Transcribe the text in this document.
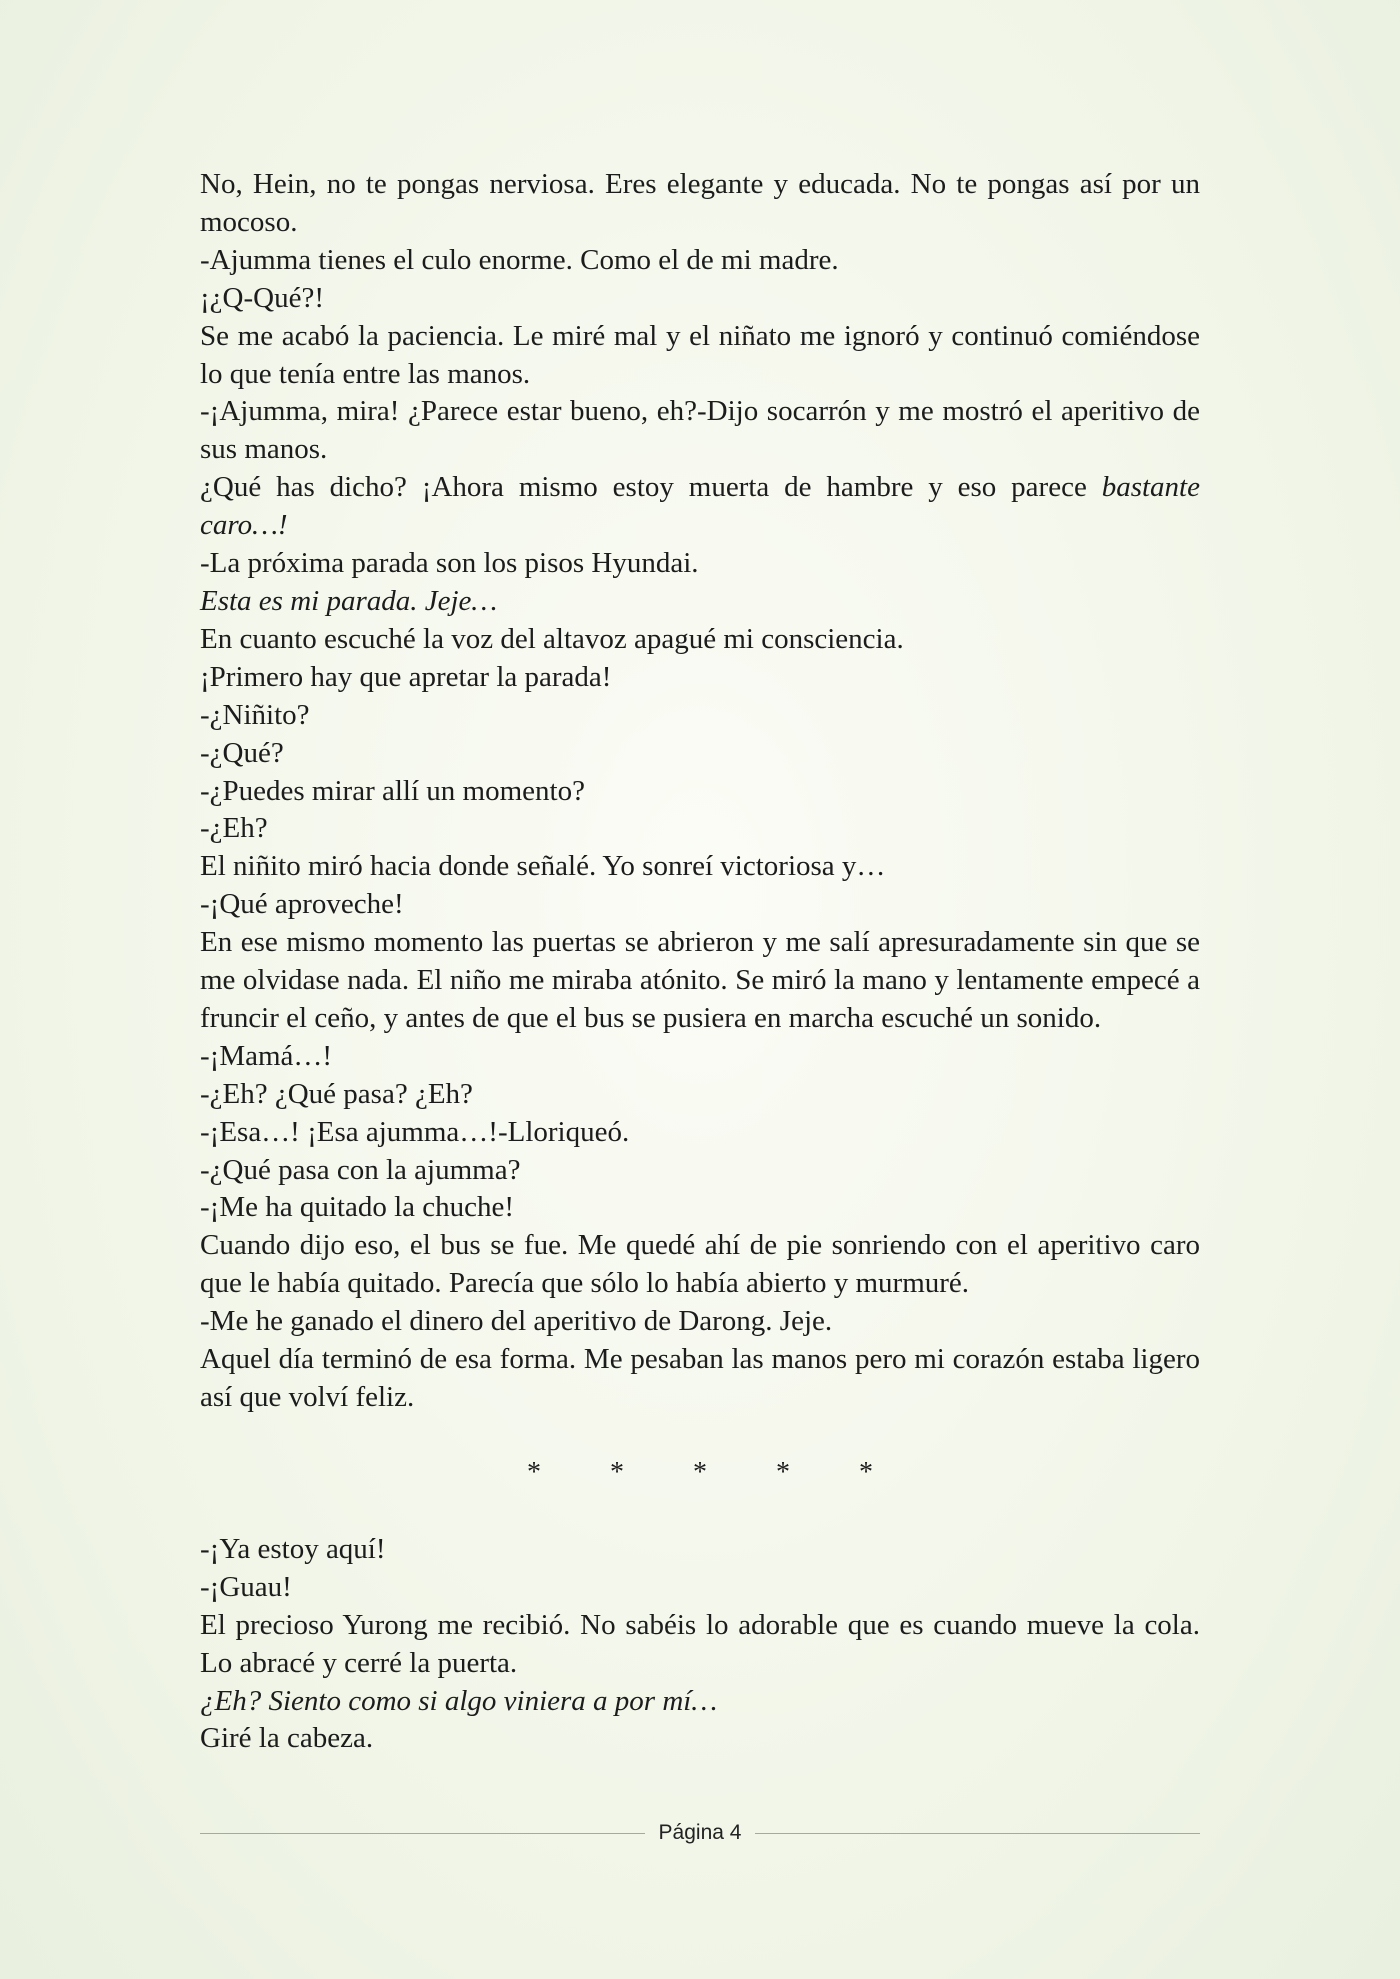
No, Hein, no te pongas nerviosa. Eres elegante y educada. No te pongas así por un mocoso.

-Ajumma tienes el culo enorme. Como el de mi madre.

¡¿Q-Qué?!

Se me acabó la paciencia. Le miré mal y el niñato me ignoró y continuó comiéndose lo que tenía entre las manos.

-¡Ajumma, mira! ¿Parece estar bueno, eh?-Dijo socarrón y me mostró el aperitivo de sus manos.

¿Qué has dicho? ¡Ahora mismo estoy muerta de hambre y eso parece bastante caro…!

-La próxima parada son los pisos Hyundai.

Esta es mi parada. Jeje…

En cuanto escuché la voz del altavoz apagué mi consciencia.

¡Primero hay que apretar la parada!

-¿Niñito?

-¿Qué?

-¿Puedes mirar allí un momento?

-¿Eh?

El niñito miró hacia donde señalé. Yo sonreí victoriosa y…

-¡Qué aproveche!

En ese mismo momento las puertas se abrieron y me salí apresuradamente sin que se me olvidase nada. El niño me miraba atónito. Se miró la mano y lentamente empecé a fruncir el ceño, y antes de que el bus se pusiera en marcha escuché un sonido.

-¡Mamá…!

-¿Eh? ¿Qué pasa? ¿Eh?

-¡Esa…! ¡Esa ajumma…!-Lloriqueó.

-¿Qué pasa con la ajumma?

-¡Me ha quitado la chuche!

Cuando dijo eso, el bus se fue. Me quedé ahí de pie sonriendo con el aperitivo caro que le había quitado. Parecía que sólo lo había abierto y murmuré.

-Me he ganado el dinero del aperitivo de Darong. Jeje.

Aquel día terminó de esa forma. Me pesaban las manos pero mi corazón estaba ligero así que volví feliz.

*	*	*	*	*

-¡Ya estoy aquí!

-¡Guau!

El precioso Yurong me recibió. No sabéis lo adorable que es cuando mueve la cola. Lo abracé y cerré la puerta.

¿Eh? Siento como si algo viniera a por mí…

Giré la cabeza.

Página 4
